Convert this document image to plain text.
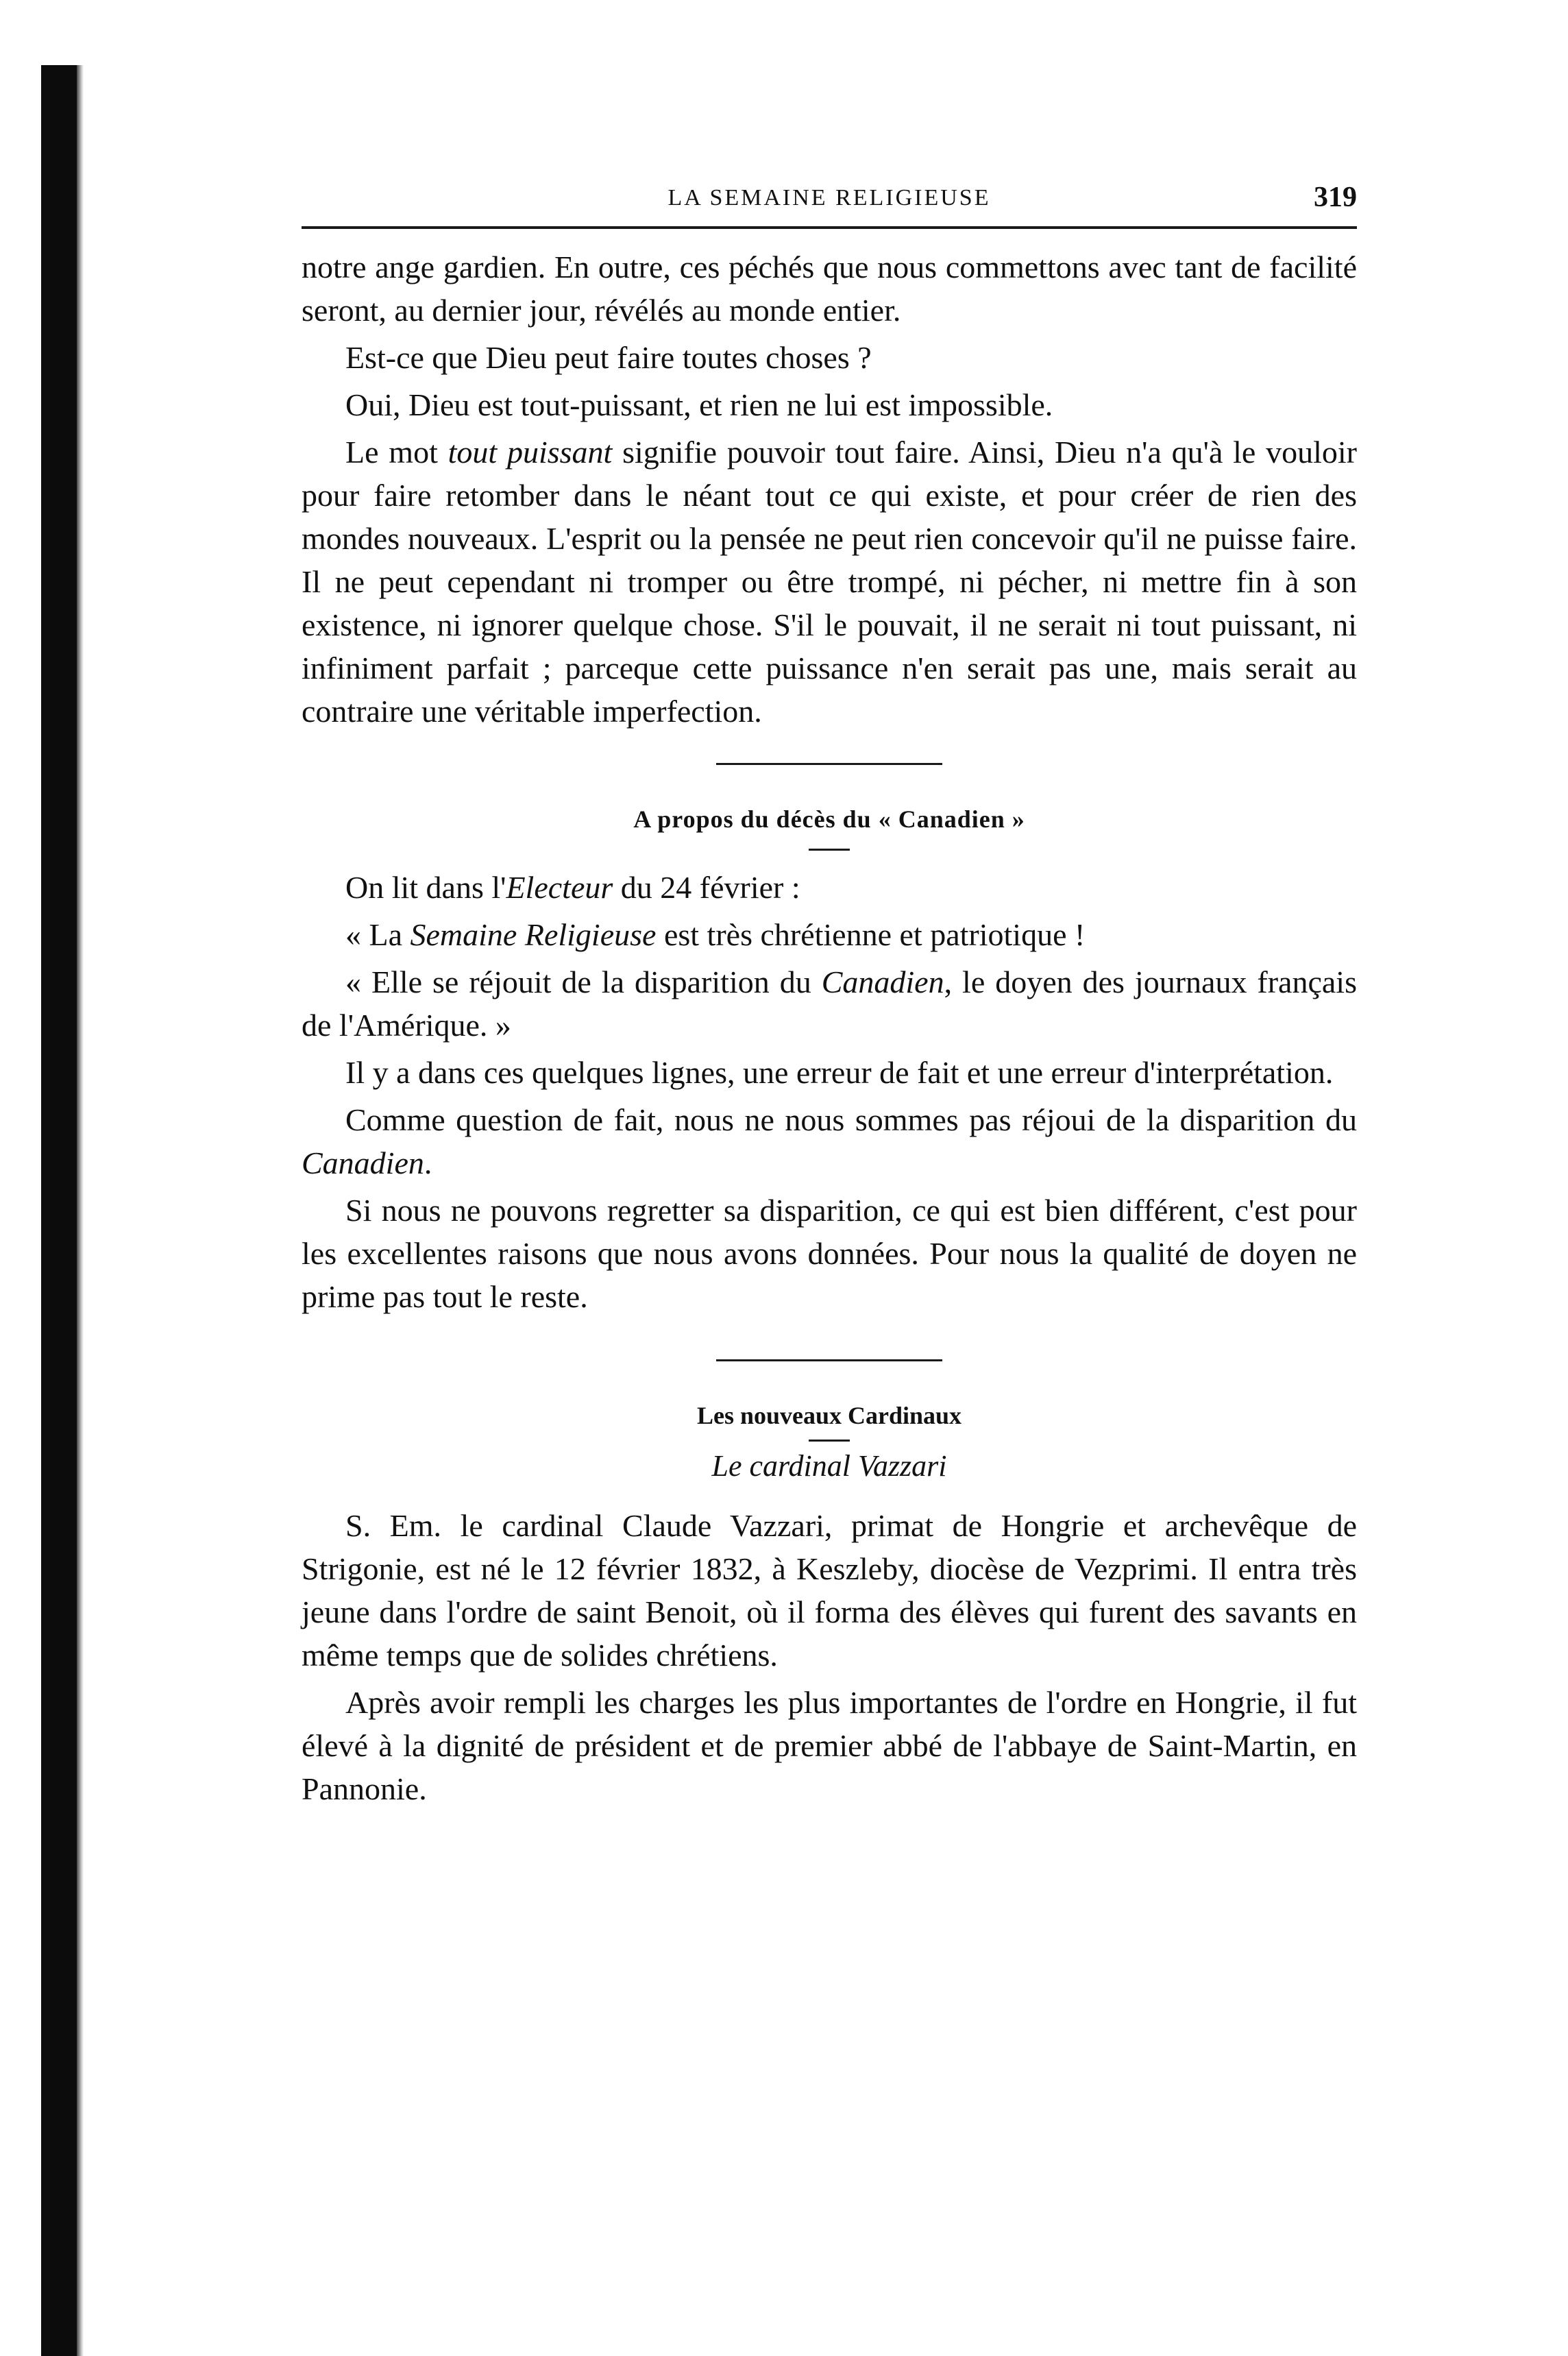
LA SEMAINE RELIGIEUSE	319

notre ange gardien. En outre, ces péchés que nous commettons avec tant de facilité seront, au dernier jour, révélés au monde entier.

Est-ce que Dieu peut faire toutes choses ?

Oui, Dieu est tout-puissant, et rien ne lui est impossible.

Le mot tout puissant signifie pouvoir tout faire. Ainsi, Dieu n'a qu'à le vouloir pour faire retomber dans le néant tout ce qui existe, et pour créer de rien des mondes nouveaux. L'esprit ou la pensée ne peut rien concevoir qu'il ne puisse faire. Il ne peut cependant ni tromper ou être trompé, ni pécher, ni mettre fin à son existence, ni ignorer quelque chose. S'il le pouvait, il ne serait ni tout puissant, ni infiniment parfait ; parceque cette puissance n'en serait pas une, mais serait au contraire une véritable imperfection.

A propos du décès du « Canadien »

On lit dans l'Electeur du 24 février :

« La Semaine Religieuse est très chrétienne et patriotique !

« Elle se réjouit de la disparition du Canadien, le doyen des journaux français de l'Amérique. »

Il y a dans ces quelques lignes, une erreur de fait et une erreur d'interprétation.

Comme question de fait, nous ne nous sommes pas réjoui de la disparition du Canadien.

Si nous ne pouvons regretter sa disparition, ce qui est bien différent, c'est pour les excellentes raisons que nous avons données. Pour nous la qualité de doyen ne prime pas tout le reste.

Les nouveaux Cardinaux
Le cardinal Vazzari

S. Em. le cardinal Claude Vazzari, primat de Hongrie et archevêque de Strigonie, est né le 12 février 1832, à Keszleby, diocèse de Vezprimi. Il entra très jeune dans l'ordre de saint Benoit, où il forma des élèves qui furent des savants en même temps que de solides chrétiens.

Après avoir rempli les charges les plus importantes de l'ordre en Hongrie, il fut élevé à la dignité de président et de premier abbé de l'abbaye de Saint-Martin, en Pannonie.
